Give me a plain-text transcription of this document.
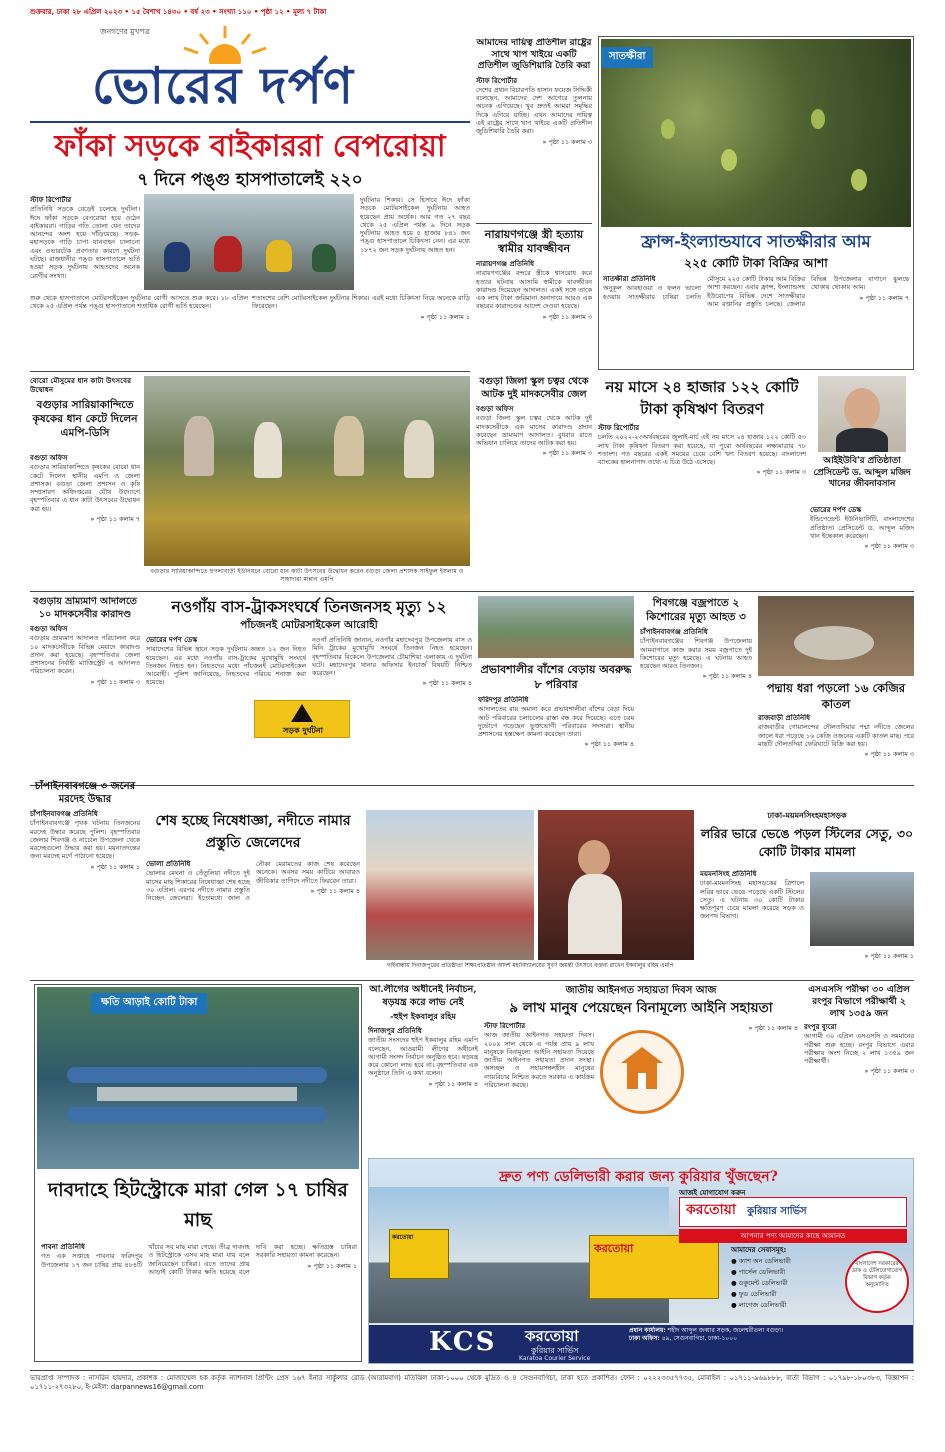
শুক্রবার, ঢাকা ২৮ এপ্রিল ২০২৩ • ১৫ বৈশাখ ১৪৩০ • বর্ষ ২৩ • সংখ্যা ১১০ • পৃষ্ঠা ১২ • মূল্য ৭ টাকা
জনগণের মুখপত্র
ভোরের দর্পণ
ফাঁকা সড়কে বাইকাররা বেপরোয়া
৭ দিনে পঙ্গু হাসপাতালেই ২২০
স্টাফ রিপোর্টার
প্রতিনিধি সড়কে বেড়েই চলেছে দুর্ঘটনা। ঈদে ফাঁকা সড়কে বেপরোয়া হয়ে ওঠেন বাইকাররা। গাড়ির গতি তোলা যেন তাদের আনন্দের অংশ হয়ে দাঁড়িয়েছে। সড়ক-মহাসড়কে গাড়ি চাপা যানবাহন চালানো এবং ওভারটেক প্রবণতার কারণে দুর্ঘটনা ঘটছে। রাজধানীর পঙ্গু হাসপাতালে ভর্তি হওয়া সড়ক দুর্ঘটনায় আহতদের অনেক রোগীর সংখ্যা।
দুর্ঘটনার শিকার। সে হিসাবে ঈদে ফাঁকা সড়কে মোটরসাইকেল দুর্ঘটনায় আহত হয়েছেন প্রায় অর্ধেক। আর গত ২৭ বছর থেকে ২৫ এপ্রিল পর্যন্ত ৯ দিনে সড়ক দুর্ঘটনায় আহত হয়ে ৫ হাজার ৮৪১ জন পঙ্গু হাসপাতালে চিকিৎসা নেন। এর মধ্যে ১৮৭২ জন সড়ক দুর্ঘটনায় আহত হন।
শুরু থেকে হাসপাতালে মোটরসাইকেল দুর্ঘটনার রোগী আসতে শুরু করে। ১৮ এপ্রিল থেকে ২৫ এপ্রিল পর্যন্ত পঙ্গু হাসপাতালে শতাধিক রোগী ভর্তি হয়েছেন।
শতাংশের বেশি মোটরসাইকেল দুর্ঘটনার শিকার। এরই মধ্যে চিকিৎসা নিয়ে অনেকে বাড়ি ফিরেছেন।
» পৃষ্ঠা ১১ কলাম ১
আমাদের দায়িত্ব প্রতিশীল রাষ্ট্রের সাথে খাপ খাইয়ে একটি প্রতিশীল জুডিশিয়ারি তৈরি করা
স্টাফ রিপোর্টার
দেশের প্রধান বিচারপতি হাসান ফয়েজ সিদ্দিকী বলেছেন, আমাদের দেশ আগেরে তুলনায় অনেক এগিয়েছে। খুব দ্রুতই আমরা সমৃদ্ধির দিকে এগিয়ে যাচ্ছি। এখন আমাদের দায়িত্ব এই রাষ্ট্রের সাথে খাপ খাইয়ে একটি প্রতিশীল জুডিশিয়ারি তৈরি করা।
» পৃষ্ঠা ১১ কলাম ৩
নারায়ণগঞ্জে স্ত্রী হত্যায় স্বামীর যাবজ্জীবন
নারায়ণগঞ্জ প্রতিনিধি
নারায়ণগঞ্জের বন্দরে স্ত্রীকে শ্বাসরোধ করে হত্যার ঘটনায় আসামি স্বামীকে যাবজ্জীবন কারাদণ্ড দিয়েছেন আদালত। একই সঙ্গে তাকে এক লাখ টাকা জরিমানা অনাদায়ে আরও এক বছরের কারাদণ্ডের আদেশ দেওয়া হয়েছে।
» পৃষ্ঠা ১১ কলাম ৩
সাতক্ষীরা
ফ্রান্স-ইংল্যান্ডযাবে সাতক্ষীরার আম
২২৫ কোটি টাকা বিক্রির আশা
সাতক্ষীরা প্রতিনিধি
অনুকূল আবহাওয়া ও ফলন ভালো হওয়ায় সাতক্ষীরার চাষিরা চলতি মৌসুমে ২২৫ কোটি টাকার আম বিক্রির আশা করছেন। এবার ফ্রান্স, ইংল্যান্ডসহ ইউরোপের বিভিন্ন দেশে সাতক্ষীরার আম রপ্তানির প্রস্তুতি চলছে। জেলার বিভিন্ন উপজেলার বাগানে ঝুলছে থোকায় থোকায় আম।
» পৃষ্ঠা ১১ কলাম ৭
বোরো মৌসুমের ধান কাটা উৎসবের উদ্বোধন
বগুড়ার সারিয়াকান্দিতে কৃষকের ধান কেটে দিলেন এমপি-ডিসি
বগুড়া অফিস
বগুড়ার সারিয়াকান্দিতে কৃষকের বোরো ধান কেটে দিলেন স্থানীয় এমপি ও জেলা প্রশাসক। বগুড়া জেলা প্রশাসন ও কৃষি সম্প্রসারণ অধিদপ্তরের যৌথ উদ্যোগে বৃহস্পতিবার এ ধান কাটা উৎসবের উদ্বোধন করা হয়।
» পৃষ্ঠা ১১ কলাম ৭
বগুড়ার সারিয়াকান্দিতে হুগলাবাড়ী ইউনিয়নে বোরো ধান কাটা উৎসবের উদ্বোধন করেন বগুড়া জেলা প্রশাসক সাইফুল ইসলাম ও সাহাদারা মান্নান এমপি
বগুড়া জিলা স্কুল চত্বর থেকে আটক দুই মাদকসেবীর জেল
বগুড়া অফিস
বগুড়া জিলা স্কুল চত্বর থেকে আটক দুই মাদকসেবীকে এক মাসের কারাদণ্ড প্রদান করেছেন ভ্রাম্যমাণ আদালত। বুধবার রাতে অভিযান চালিয়ে তাদের আটক করা হয়।
» পৃষ্ঠা ১১ কলাম ৩
নয় মাসে ২৪ হাজার ১২২ কোটি টাকা কৃষিঋণ বিতরণ
স্টাফ রিপোর্টার
চলতি ২০২২-২৩অর্থবছরের জুলাই-মার্চ এই নয় মাসে ২৪ হাজার ১২২ কোটি ৫৩ লাখ টাকা কৃষিঋণ বিতরণ করা হয়েছে, যা পুরো অর্থবছরের লক্ষ্যমাত্রার ৭৮ শতাংশ। গত বছরের একই সময়ের চেয়ে বেশি ঋণ বিতরণ হয়েছে। বাংলাদেশ ব্যাংকের হালনাগাদ তথ্যে এ চিত্র উঠে এসেছে।
» পৃষ্ঠা ১১ কলাম ৩
আইইউবি'র প্রতিষ্ঠাতা প্রেসিডেন্ট ড. আব্দুল মজিদ খানের জীবনাবসান
ভোরের দর্পণ ডেস্ক
ইন্ডিপেন্ডেন্ট ইউনিভার্সিটি, বাংলাদেশের প্রতিষ্ঠাতা প্রেসিডেন্ট ড. আব্দুল মজিদ খান ইন্তেকাল করেছেন।
» পৃষ্ঠা ১১ কলাম ৩
বগুড়ায় ভ্রাম্যমাণ আদালতে ১০ মাদকসেবীর কারাদণ্ড
বগুড়া অফিস
বগুড়ায় ভ্রাম্যমাণ আদালত পরিচালনা করে ১০ মাদকসেবীকে বিভিন্ন মেয়াদে কারাদণ্ড প্রদান করা হয়েছে। বৃহস্পতিবার জেলা প্রশাসনের নির্বাহী ম্যাজিস্ট্রেট এ আদালত পরিচালনা করেন।
» পৃষ্ঠা ১১ কলাম ৩
নওগাঁয় বাস-ট্রাকসংঘর্ষে তিনজনসহ মৃত্যু ১২
পাঁচজনই মোটরসাইকেল আরোহী
ভোরের দর্পণ ডেস্ক
সারাদেশের বিভিন্ন স্থানে সড়ক দুর্ঘটনায় অন্তত ১২ জন নিহত হয়েছেন। এর মধ্যে নওগাঁয় বাস-ট্রাকের মুখোমুখি সংঘর্ষে তিনজন নিহত হন। নিহতদের মধ্যে পাঁচজনই মোটরসাইকেল আরোহী। পুলিশ জানিয়েছে, নিহতদের পরিচয় শনাক্ত করা হয়েছে।
নওগাঁ প্রতিনিধি জানান, নওগাঁর মহাদেবপুর উপজেলায় বাস ও মিনি ট্রাকের মুখোমুখি সংঘর্ষে তিনজন নিহত হয়েছেন। বৃহস্পতিবার বিকেলে উপজেলার চৌমাশিয়া এলাকায় এ দুর্ঘটনা ঘটে। মহাদেবপুর থানার অফিসার ইনচার্জ বিষয়টি নিশ্চিত করেছেন।
» পৃষ্ঠা ১১ কলাম ৪
সড়ক দুর্ঘটনা
প্রভাবশালীর বাঁশের বেড়ায় অবরুদ্ধ ৮ পরিবার
ফরিদপুর প্রতিনিধি
আদালতের রায় অমান্য করে প্রভাবশালীরা বাঁশের বেড়া দিয়ে আট পরিবারের চলাচলের রাস্তা বন্ধ করে দিয়েছে। এতে চরম দুর্ভোগে পড়েছেন ভুক্তভোগী পরিবারের সদস্যরা। স্থানীয় প্রশাসনের হস্তক্ষেপ কামনা করেছেন তারা।
» পৃষ্ঠা ১১ কলাম ৪
শিবগঞ্জে বজ্রপাতে ২ কিশোরের মৃত্যু আহত ৩
চাঁপাইনবাবগঞ্জ প্রতিনিধি
চাঁপাইনবাবগঞ্জের শিবগঞ্জ উপজেলায় আমবাগানে কাজ করার সময় বজ্রপাতে দুই কিশোরের মৃত্যু হয়েছে। এ ঘটনায় আহত হয়েছেন আরও তিনজন।
» পৃষ্ঠা ১১ কলাম ৪
পদ্মায় ধরা পড়লো ১৬ কেজির কাতল
রাজবাড়ী প্রতিনিধি
রাজবাড়ীর গোয়ালন্দের দৌলতদিয়ার পদ্মা নদীতে জেলের জালে ধরা পড়েছে ১৬ কেজি ওজনের একটি কাতল মাছ। পরে মাছটি দৌলতদিয়া ফেরিঘাটে বিক্রি করা হয়।
» পৃষ্ঠা ১১ কলাম ৩
চাঁপাইনবাবগঞ্জে ৩ জনের মরদেহ উদ্ধার
চাঁপাইনবাবগঞ্জ প্রতিনিধি
চাঁপাইনবাবগঞ্জে পৃথক ঘটনায় তিনজনের মরদেহ উদ্ধার করেছে পুলিশ। বৃহস্পতিবার জেলার শিবগঞ্জ ও নাচোল উপজেলা থেকে মরদেহগুলো উদ্ধার করা হয়। ময়নাতদন্তের জন্য মরদেহ মর্গে পাঠানো হয়েছে।
» পৃষ্ঠা ১১ কলাম ১
শেষ হচ্ছে নিষেধাজ্ঞা, নদীতে নামার প্রস্তুতি জেলেদের
ভোলা প্রতিনিধি
ভোলার মেঘনা ও তেঁতুলিয়া নদীতে দুই মাসের মাছ শিকারের নিষেধাজ্ঞা শেষ হচ্ছে ৩০ এপ্রিল। এরপর নদীতে নামার প্রস্তুতি নিচ্ছেন জেলেরা। ইতোমধ্যে জাল ও নৌকা মেরামতের কাজ শেষ করেছেন অনেকে। অবসর সময় কাটিয়ে আবারও জীবিকার তাগিদে নদীতে ফিরবেন তারা।
» পৃষ্ঠা ১১ কলাম ৪
গাইবান্ধায় দিনাজপুরের প্রতিষ্ঠাতা শিক্ষাপ্রতিষ্ঠান আদর্শ মহাবিদ্যালয়ের সুবর্ণ জয়ন্তী উৎসবে বক্তব্য রাখেন ইকবালুর রহিম এমপি
ঢাকা-ময়মনসিংহমহাসড়ক
লরির ভারে ভেঙে পড়ল স্টিলের সেতু, ৩০ কোটি টাকার মামলা
ময়মনসিংহ প্রতিনিধি
ঢাকা-ময়মনসিংহ মহাসড়কের ত্রিশালে লরির ভারে ভেঙে পড়েছে একটি স্টিলের সেতু। এ ঘটনায় ৩০ কোটি টাকার ক্ষতিপূরণ চেয়ে মামলা করেছে সড়ক ও জনপথ বিভাগ।
» পৃষ্ঠা ১১ কলাম ১
ক্ষতি আড়াই কোটি টাকা
দাবদাহে হিটস্ট্রোকে মারা গেল ১৭ চাষির মাছ
পাবনা প্রতিনিধি
গত এক সপ্তাহে পাবনার ফরিদপুর উপজেলার ১৭ জন চাষির প্রায় ৪৮৪টি খাঁচার সব মাছ মারা গেছে। তীব্র দাবদাহ ও হিটস্ট্রোকে এসব মাছ মারা যায় বলে জানিয়েছেন চাষিরা। এতে তাদের প্রায় আড়াই কোটি টাকার ক্ষতি হয়েছে বলে দাবি করা হচ্ছে। ক্ষতিগ্রস্ত চাষিরা সরকারি সহায়তা কামনা করেছেন।
» পৃষ্ঠা ১১ কলাম ১
আ.লীগের অধীনেই নির্বাচন, ষড়যন্ত্র করে লাভ নেই
-হুইপ ইকবালুর রহিম
দিনাজপুর প্রতিনিধি
জাতীয় সংসদের হুইপ ইকবালুর রহিম এমপি বলেছেন, আওয়ামী লীগের অধীনেই আগামী সংসদ নির্বাচন অনুষ্ঠিত হবে। ষড়যন্ত্র করে কোনো লাভ হবে না। বৃহস্পতিবার এক অনুষ্ঠানে তিনি এ কথা বলেন।
» পৃষ্ঠা ১১ কলাম ৪
জাতীয় আইনগত সহায়তা দিবস আজ
৯ লাখ মানুষ পেয়েছেন বিনামূল্যে আইনি সহায়তা
স্টাফ রিপোর্টার
আজ জাতীয় আইনগত সহায়তা দিবস। ২০০৯ সাল থেকে এ পর্যন্ত প্রায় ৯ লাখ মানুষকে বিনামূল্যে আইনি সহায়তা দিয়েছে জাতীয় আইনগত সহায়তা প্রদান সংস্থা। অসচ্ছল ও সহায়সম্বলহীন মানুষের ন্যায়বিচার নিশ্চিত করতে সরকার এ কার্যক্রম পরিচালনা করছে।
» পৃষ্ঠা ১১ কলাম ৪
এসএসসি পরীক্ষা ৩০ এপ্রিল রংপুর বিভাগে পরীক্ষার্থী ২ লাখ ১৩৫৯ জন
রংপুর ব্যুরো
আগামী ৩০ এপ্রিল এসএসসি ও সমমানের পরীক্ষা শুরু হচ্ছে। রংপুর বিভাগে এবার পরীক্ষায় অংশ নিচ্ছে ২ লাখ ১৩৫৯ জন পরীক্ষার্থী।
» পৃষ্ঠা ১১ কলাম ৩
দ্রুত পণ্য ডেলিভারী করার জন্য কুরিয়ার খুঁজছেন?
করতোয়া
করতোয়া
আজই যোগাযোগ করুন
করতোয়া কুরিয়ার সার্ভিস
আপনার পণ্য আমাদের কাছে আমানত
আমাদের সেবাসমূহ:
● ক্যাশ অন ডেলিভারী
● পার্সেল ডেলিভারী
● ডকুমেন্ট ডেলিভারী
● ফুড ডেলিভারী
● লাগেজ ডেলিভারী
বাংলাদেশ সরকারের ডাক ও টেলিযোগাযোগ বিভাগ কর্তৃক অনুমোদিত
KCS করতোয়া
কুরিয়ার সার্ভিস
Karatoa Courier Service
প্রধান কার্যালয়: শহীদ আব্দুল জব্বার সড়ক, জলেশ্বরীতলা বগুড়া।
ঢাকা অফিস: ৪৯, সেগুনবাগিচা, ঢাকা-১০০০
ভারপ্রাপ্ত সম্পাদক : নাসরিন হায়দার, প্রকাশক : মোজাম্মেল হক কর্তৃক ন্যাশনাল প্রিন্টিং প্রেস ১৬৭ ইনার সার্কুলার রোড (আরামবাগ) মতিঝিল ঢাকা-১০০০ থেকে মুদ্রিত ও ৪ সেগুনবাগিচা, ঢাকা হতে প্রকাশিত। ফোন : ০২২২৩৩৫৭৭৩৫, মোবাইল : ০১৭১১-৯৬৯৮৮৮, বার্তা বিভাগ : ০১৭৯৮-১৮০৩৮৩, বিজ্ঞাপন : ০১৭১১-২৭৩২৮০, ই-মেইল: darpannews16@gmail.com
